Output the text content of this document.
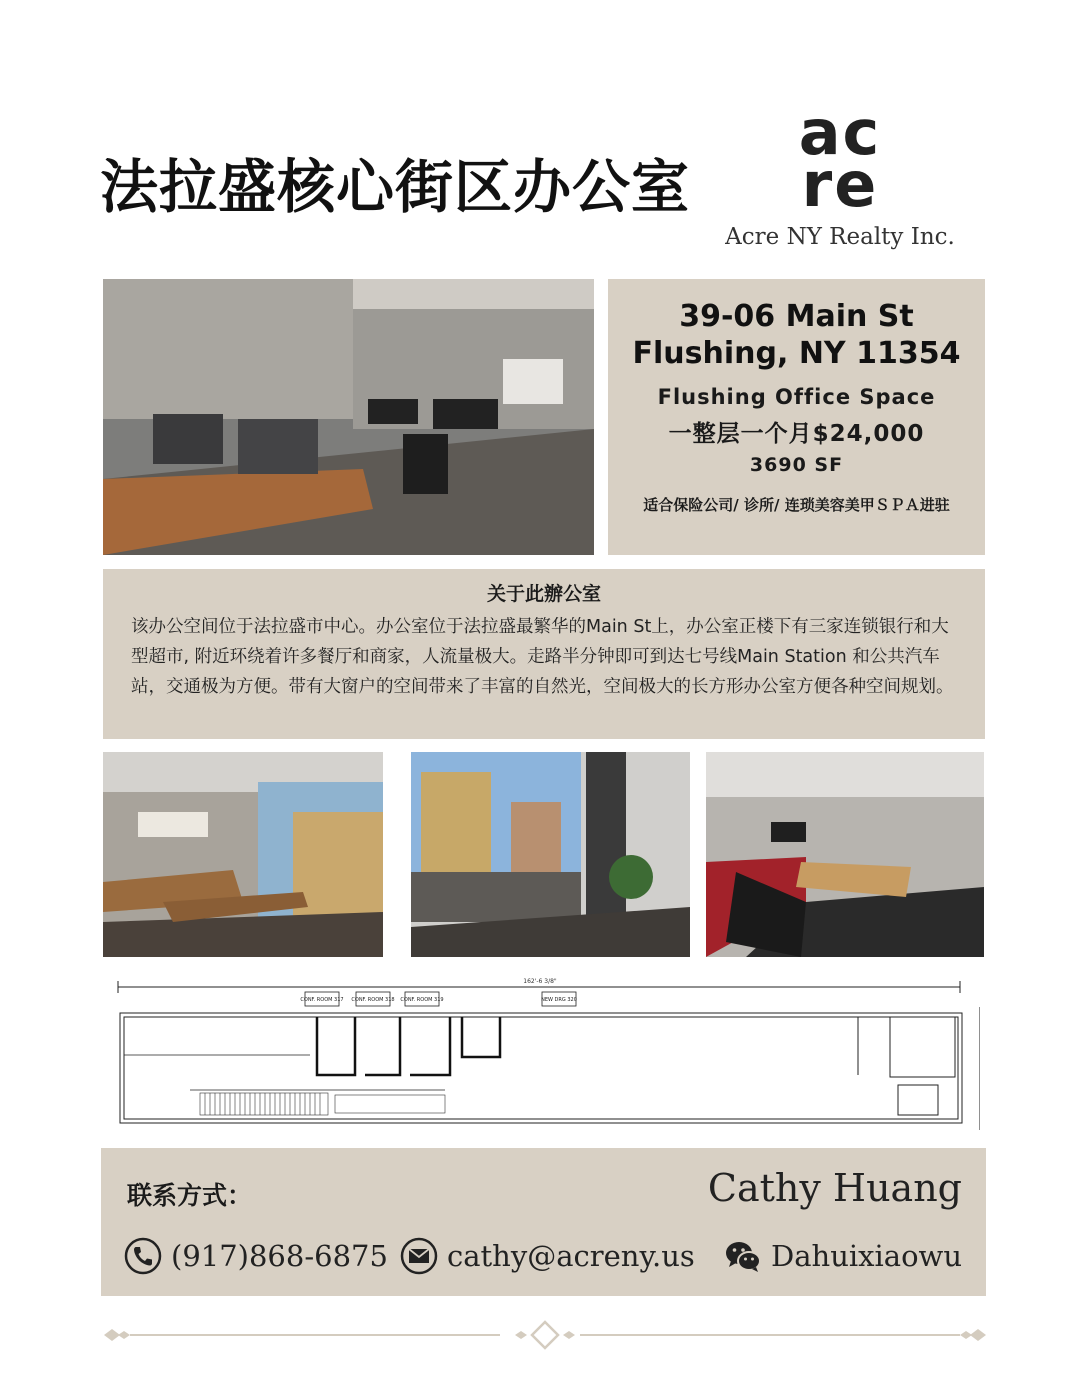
法拉盛核心街区办公室
ac
re
Acre NY Realty Inc.
39-06 Main St
Flushing, NY 11354
Flushing Office Space
一整层一个月$24,000
3690 SF
适合保险公司/ 诊所/ 连琐美容美甲ＳＰＡ进驻
关于此辦公室
该办公空间位于法拉盛市中心。办公室位于法拉盛最繁华的Main St上，办公室正楼下有三家连锁银行和大型超市, 附近环绕着许多餐厅和商家，人流量极大。走路半分钟即可到达七号线Main Station 和公共汽车站，交通极为方便。带有大窗户的空间带来了丰富的自然光，空间极大的长方形办公室方便各种空间规划。
162'-6 3/8"
CONF. ROOM 317 CONF. ROOM 318 CONF. ROOM 319	NEW DRG 320
联系方式：	Cathy Huang
(917)868-6875 cathy@acreny.us	Dahuixiaowu
